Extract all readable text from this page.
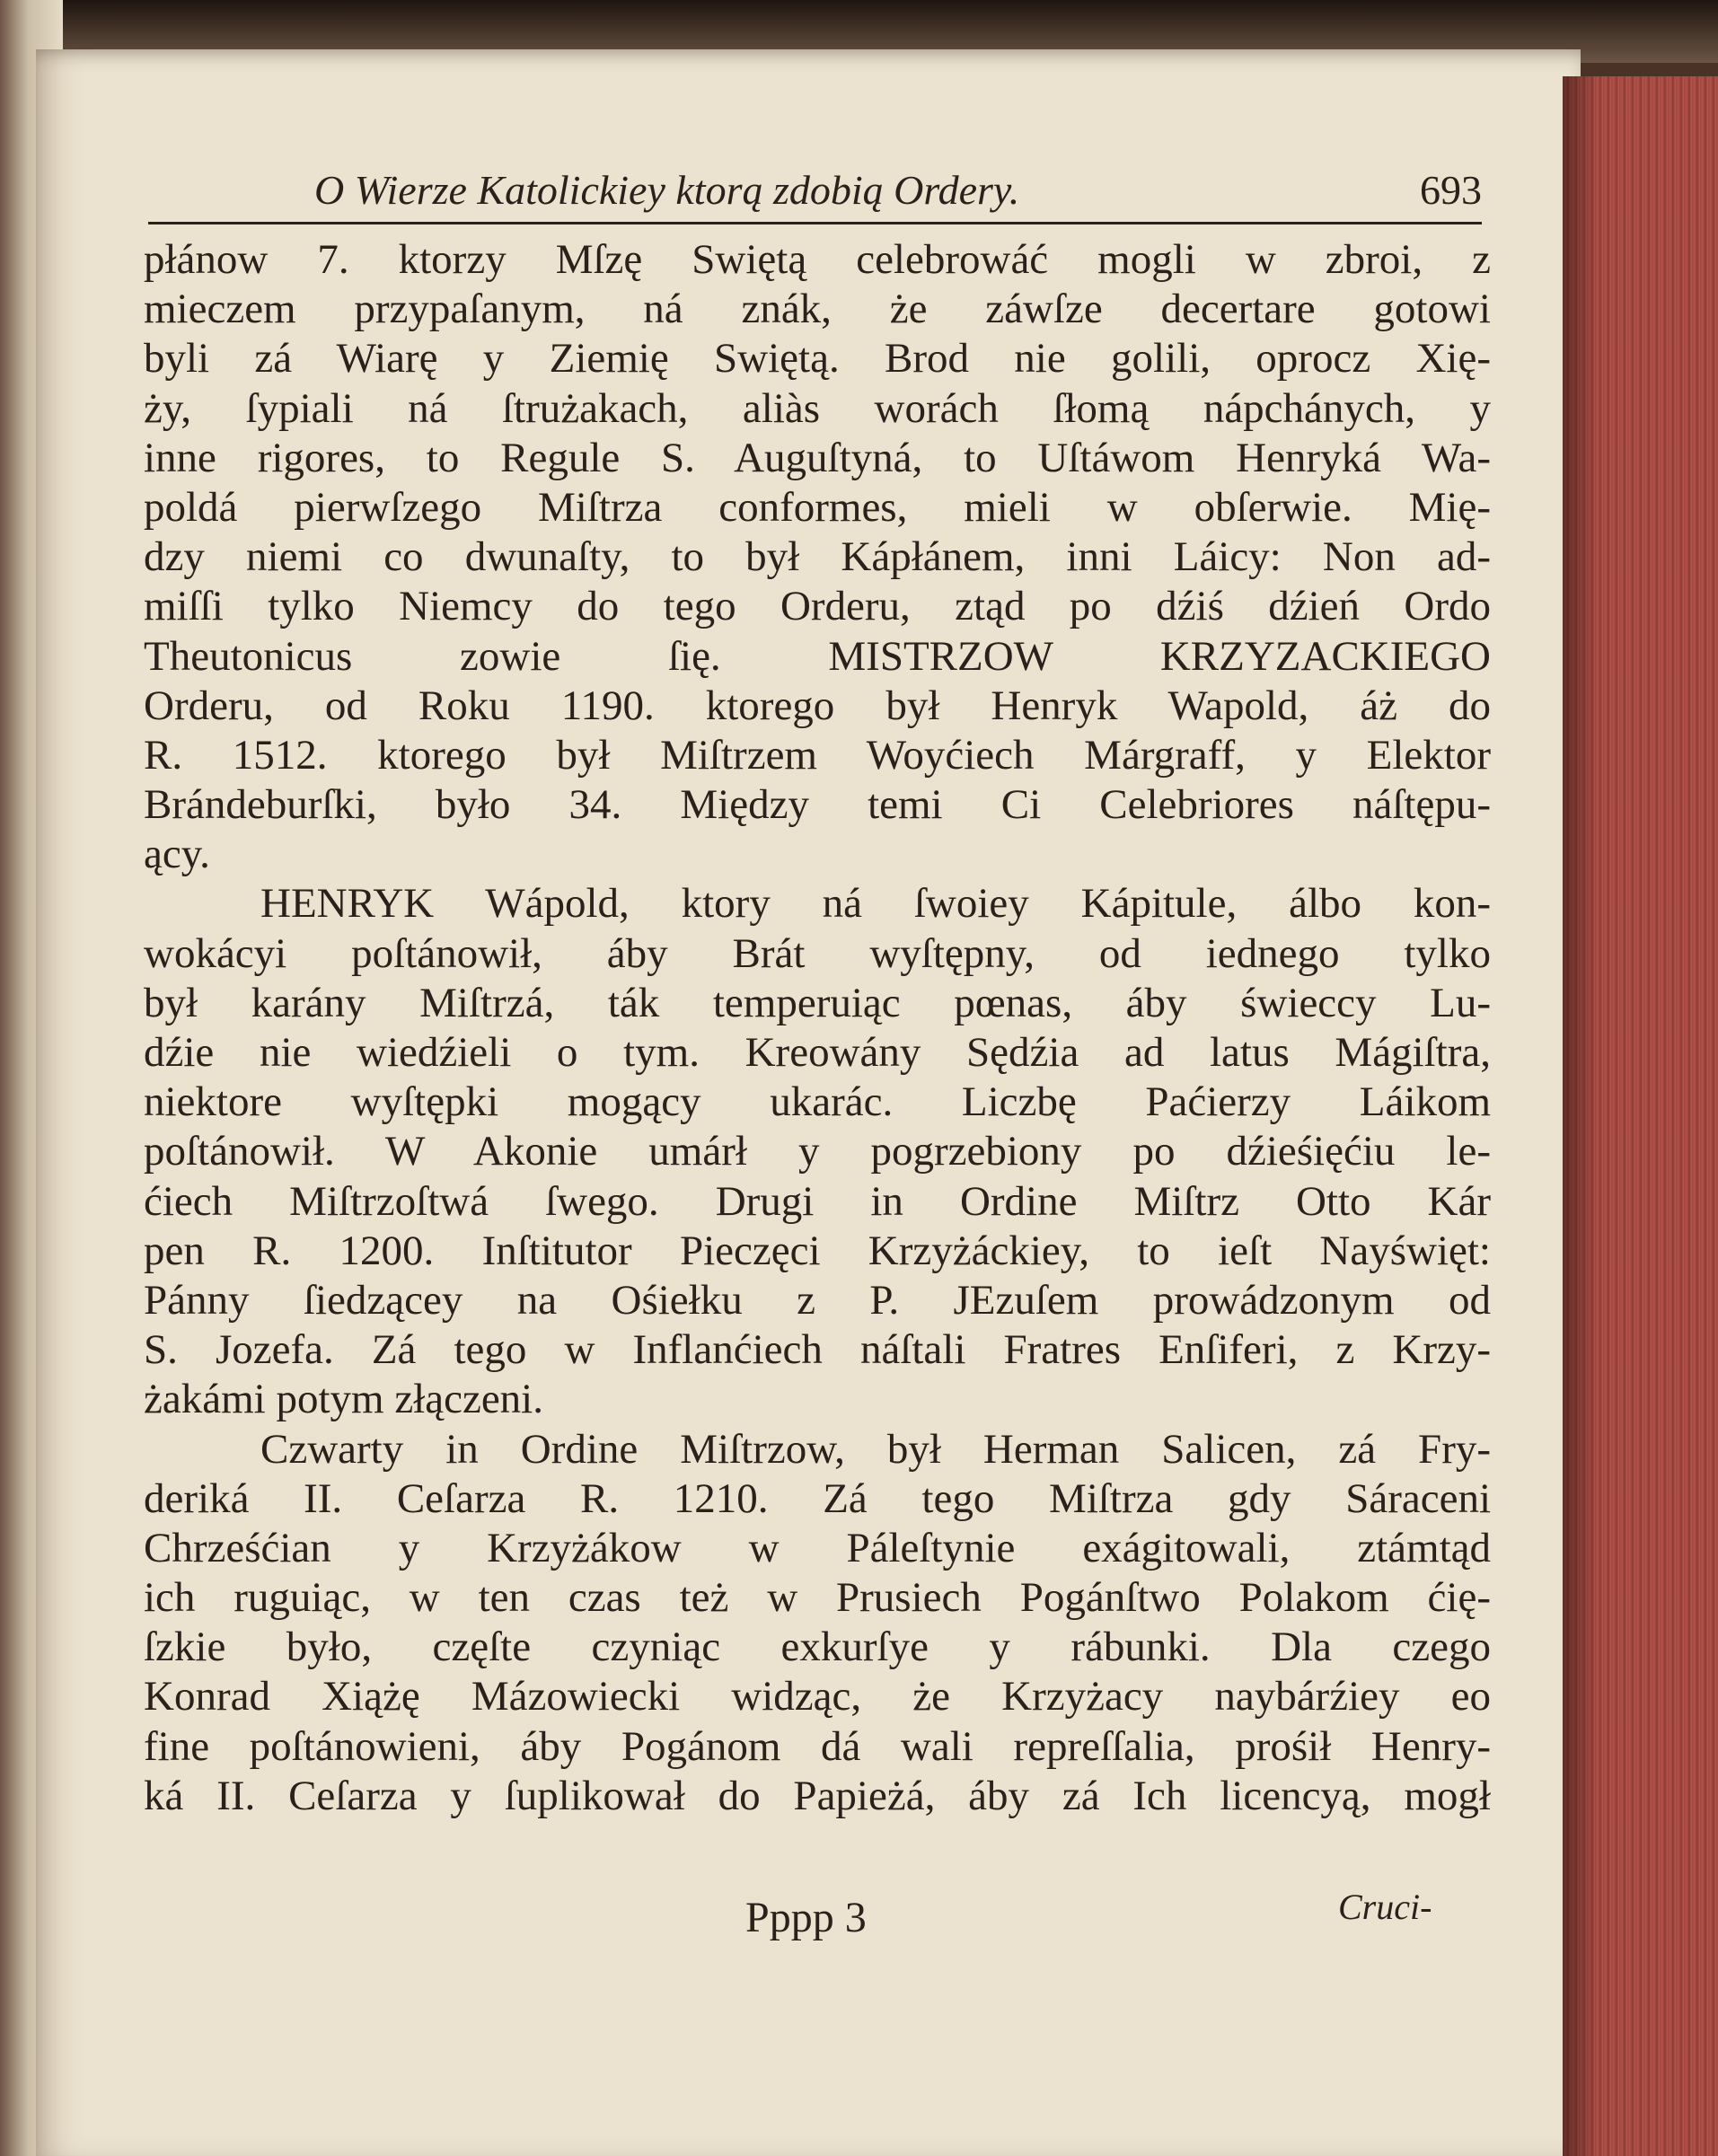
O Wierze Katolickiey ktorą zdobią Ordery.	693
płánow 7. ktorzy Mſzę Swiętą celebrowáć mogli w zbroi, z
mieczem przypaſanym, ná znák, że záwſze decertare gotowi
byli zá Wiarę y Ziemię Swiętą. Brod nie golili, oprocz Xię-
ży, ſypiali ná ſtrużakach, aliàs worách ſłomą nápchánych, y
inne rigores, to Regule S. Auguſtyná, to Uſtáwom Henryká Wa-
poldá pierwſzego Miſtrza conformes, mieli w obſerwie. Mię-
dzy niemi co dwunaſty, to był Kápłánem, inni Láicy: Non ad-
miſſi tylko Niemcy do tego Orderu, ztąd po dźiś dźień Ordo
Theutonicus zowie ſię. MISTRZOW KRZYZACKIEGO
Orderu, od Roku 1190. ktorego był Henryk Wapold, áż do
R. 1512. ktorego był Miſtrzem Woyćiech Márgraff, y Elektor
Brándeburſki, było 34. Między temi Ci Celebriores náſtępu-
ący.
HENRYK Wápold, ktory ná ſwoiey Kápitule, álbo kon-
wokácyi poſtánowił, áby Brát wyſtępny, od iednego tylko
był karány Miſtrzá, ták temperuiąc pœnas, áby świeccy Lu-
dźie nie wiedźieli o tym. Kreowány Sędźia ad latus Mágiſtra,
niektore wyſtępki mogący ukarác. Liczbę Paćierzy Láikom
poſtánowił. W Akonie umárł y pogrzebiony po dźieśięćiu le-
ćiech Miſtrzoſtwá ſwego. Drugi in Ordine Miſtrz Otto Kár
pen R. 1200. Inſtitutor Pieczęci Krzyżáckiey, to ieſt Nayświęt:
Pánny ſiedzącey na Ośiełku z P. JEzuſem prowádzonym od
S. Jozefa. Zá tego w Inflanćiech náſtali Fratres Enſiferi, z Krzy-
żakámi potym złączeni.
Czwarty in Ordine Miſtrzow, był Herman Salicen, zá Fry-
deriká II. Ceſarza R. 1210. Zá tego Miſtrza gdy Sáraceni
Chrześćian y Krzyżákow w Páleſtynie exágitowali, ztámtąd
ich ruguiąc, w ten czas też w Prusiech Pogánſtwo Polakom ćię-
ſzkie było, częſte czyniąc exkurſye y rábunki. Dla czego
Konrad Xiążę Mázowiecki widząc, że Krzyżacy naybárźiey eo
fine poſtánowieni, áby Pogánom dá wali repreſſalia, prośił Henry-
ká II. Ceſarza y ſuplikował do Papieżá, áby zá Ich licencyą, mogł
Pppp 3	Cruci-
